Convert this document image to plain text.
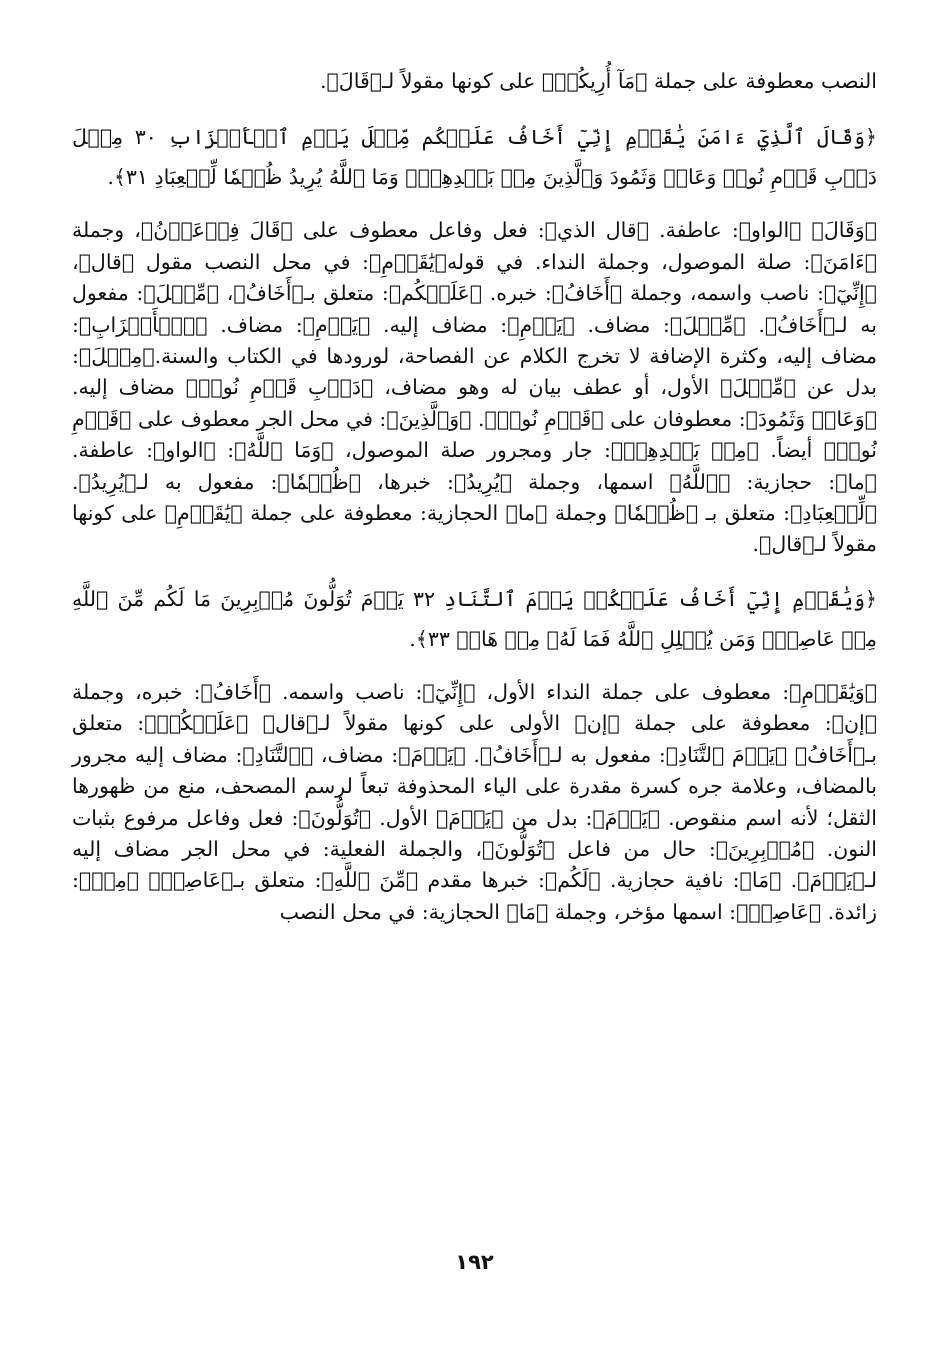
النصب معطوفة على جملة ﴿مَآ أُرِيكُمۡ﴾ على كونها مقولاً لـ﴿قَالَ﴾.

﴿وَقَالَ ٱلَّذِيٓ ءَامَنَ يَٰقَوۡمِ إِنِّيٓ أَخَافُ عَلَيۡكُم مِّثۡلَ يَوۡمِ ٱلۡأَحۡزَابِ ٣٠ مِثۡلَ دَأۡبِ قَوۡمِ نُوحٖ وَعَادٖ وَثَمُودَ وَٱلَّذِينَ مِنۢ بَعۡدِهِمۡۚ وَمَا ٱللَّهُ يُرِيدُ ظُلۡمٗا لِّلۡعِبَادِ ٣١﴾.

﴿وَقَالَ﴾ ﴿الواو﴾: عاطفة. ﴿قال الذي﴾: فعل وفاعل معطوف على ﴿قَالَ فِرۡعَوۡنُ﴾، وجملة ﴿ءَامَنَ﴾: صلة الموصول، وجملة النداء. في قوله﴿يَٰقَوۡمِ﴾: في محل النصب مقول ﴿قال﴾، ﴿إِنِّيٓ﴾: ناصب واسمه، وجملة ﴿أَخَافُ﴾: خبره. ﴿عَلَيۡكُم﴾: متعلق بـ﴿أَخَافُ﴾، ﴿مِّثۡلَ﴾: مفعول به لـ﴿أَخَافُ﴾. ﴿مِّثۡلَ﴾: مضاف. ﴿يَوۡمِ﴾: مضاف إليه. ﴿يَوۡمِ﴾: مضاف. ﴿ٱلۡأَحۡزَابِ﴾: مضاف إليه، وكثرة الإضافة لا تخرج الكلام عن الفصاحة، لورودها في الكتاب والسنة.﴿مِثۡلَ﴾: بدل عن ﴿مِّثۡلَ﴾ الأول، أو عطف بيان له وهو مضاف، ﴿دَأۡبِ قَوۡمِ نُوحٖ﴾ مضاف إليه. ﴿وَعَادٖ وَثَمُودَ﴾: معطوفان على ﴿قَوۡمِ نُوحٖ﴾. ﴿وَٱلَّذِينَ﴾: في محل الجر معطوف على ﴿قَوۡمِ نُوحٖ﴾ أيضاً. ﴿مِنۢ بَعۡدِهِمۡ﴾: جار ومجرور صلة الموصول، ﴿وَمَا ٱللَّهُ﴾: ﴿الواو﴾: عاطفة. ﴿ما﴾: حجازية: ﴿ٱللَّهُ﴾ اسمها، وجملة ﴿يُرِيدُ﴾: خبرها، ﴿ظُلۡمٗا﴾: مفعول به لـ﴿يُرِيدُ﴾. ﴿لِّلۡعِبَادِ﴾: متعلق بـ ﴿ظُلۡمٗا﴾ وجملة ﴿ما﴾ الحجازية: معطوفة على جملة ﴿يَٰقَوۡمِ﴾ على كونها مقولاً لـ﴿قال﴾.

﴿وَيَٰقَوۡمِ إِنِّيٓ أَخَافُ عَلَيۡكُمۡ يَوۡمَ ٱلتَّنَادِ ٣٢ يَوۡمَ تُوَلُّونَ مُدۡبِرِينَ مَا لَكُم مِّنَ ٱللَّهِ مِنۡ عَاصِمٖۗ وَمَن يُضۡلِلِ ٱللَّهُ فَمَا لَهُۥ مِنۡ هَادٖ ٣٣﴾.

﴿وَيَٰقَوۡمِ﴾: معطوف على جملة النداء الأول، ﴿إِنِّيٓ﴾: ناصب واسمه. ﴿أَخَافُ﴾: خبره، وجملة ﴿إن﴾: معطوفة على جملة ﴿إن﴾ الأولى على كونها مقولاً لـ﴿قال﴾ ﴿عَلَيۡكُمۡ﴾: متعلق بـ﴿أَخَافُ﴾ ﴿يَوۡمَ ٱلتَّنَادِ﴾: مفعول به لـ﴿أَخَافُ﴾. ﴿يَوۡمَ﴾: مضاف، ﴿ٱلتَّنَادِ﴾: مضاف إليه مجرور بالمضاف، وعلامة جره كسرة مقدرة على الياء المحذوفة تبعاً لرسم المصحف، منع من ظهورها الثقل؛ لأنه اسم منقوص. ﴿يَوۡمَ﴾: بدل من ﴿يَوۡمَ﴾ الأول. ﴿تُوَلُّونَ﴾: فعل وفاعل مرفوع بثبات النون. ﴿مُدۡبِرِينَ﴾: حال من فاعل ﴿تُوَلُّونَ﴾، والجملة الفعلية: في محل الجر مضاف إليه لـ﴿يَوۡمَ﴾. ﴿مَا﴾: نافية حجازية. ﴿لَكُم﴾: خبرها مقدم ﴿مِّنَ ٱللَّهِ﴾: متعلق بـ﴿عَاصِمٖ﴾ ﴿مِنۡ﴾: زائدة. ﴿عَاصِمٖ﴾: اسمها مؤخر، وجملة ﴿مَا﴾ الحجازية: في محل النصب

١٩٢
